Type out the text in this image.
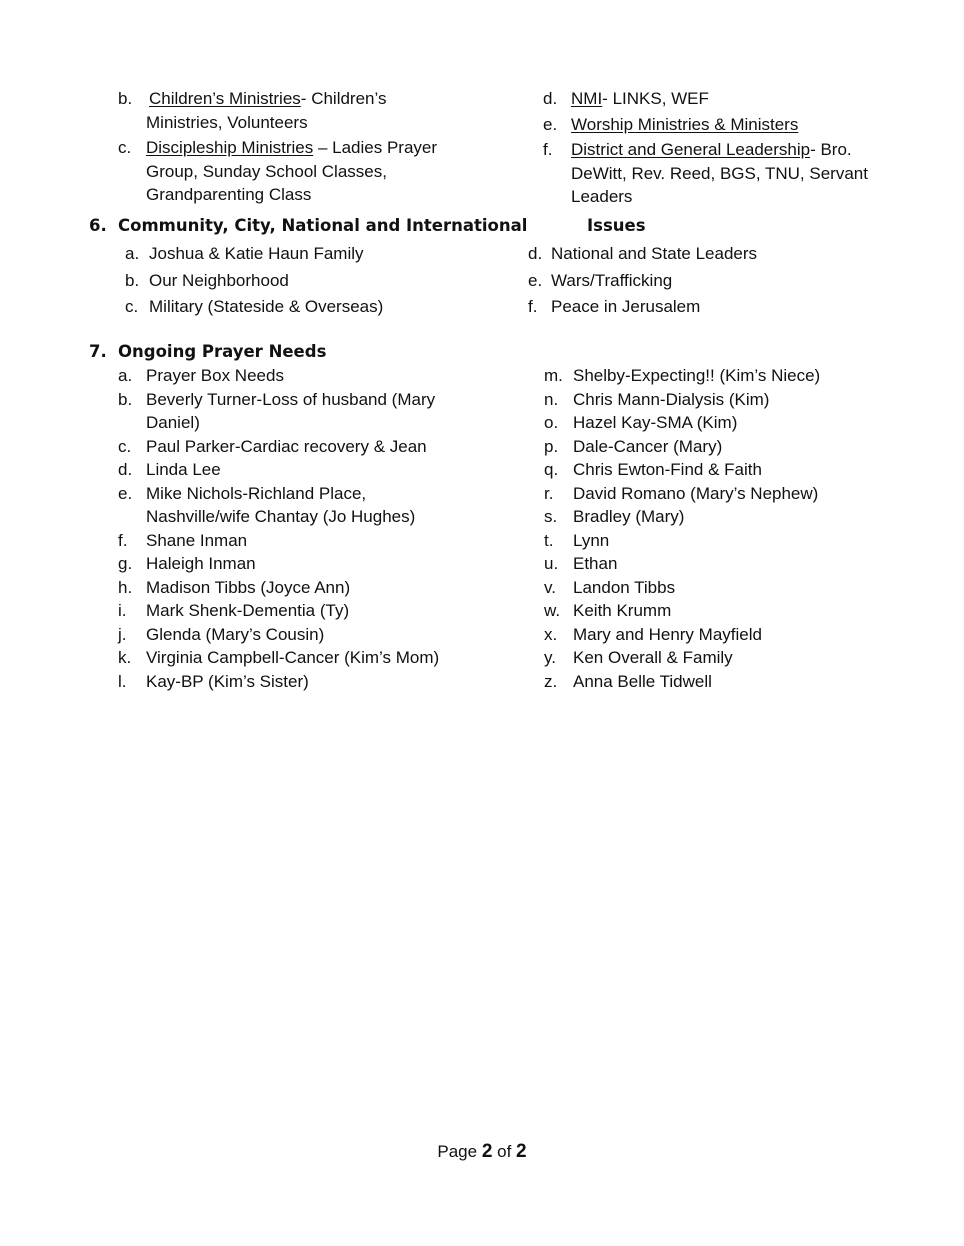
b. Children’s Ministries- Children’s Ministries, Volunteers
c. Discipleship Ministries – Ladies Prayer Group, Sunday School Classes, Grandparenting Class
d. NMI- LINKS, WEF
e. Worship Ministries & Ministers
f. District and General Leadership- Bro. DeWitt, Rev. Reed, BGS, TNU, Servant Leaders
6. Community, City, National and International	Issues
a. Joshua & Katie Haun Family
b. Our Neighborhood
c. Military (Stateside & Overseas)
d. National and State Leaders
e. Wars/Trafficking
f. Peace in Jerusalem
7. Ongoing Prayer Needs
a. Prayer Box Needs
b. Beverly Turner-Loss of husband (Mary Daniel)
c. Paul Parker-Cardiac recovery & Jean
d. Linda Lee
e. Mike Nichols-Richland Place, Nashville/wife Chantay (Jo Hughes)
f. Shane Inman
g. Haleigh Inman
h. Madison Tibbs (Joyce Ann)
i. Mark Shenk-Dementia (Ty)
j. Glenda (Mary’s Cousin)
k. Virginia Campbell-Cancer (Kim’s Mom)
l. Kay-BP (Kim’s Sister)
m. Shelby-Expecting!! (Kim’s Niece)
n. Chris Mann-Dialysis (Kim)
o. Hazel Kay-SMA (Kim)
p. Dale-Cancer (Mary)
q. Chris Ewton-Find & Faith
r. David Romano (Mary’s Nephew)
s. Bradley (Mary)
t. Lynn
u. Ethan
v. Landon Tibbs
w. Keith Krumm
x. Mary and Henry Mayfield
y. Ken Overall & Family
z. Anna Belle Tidwell
Page 2 of 2
